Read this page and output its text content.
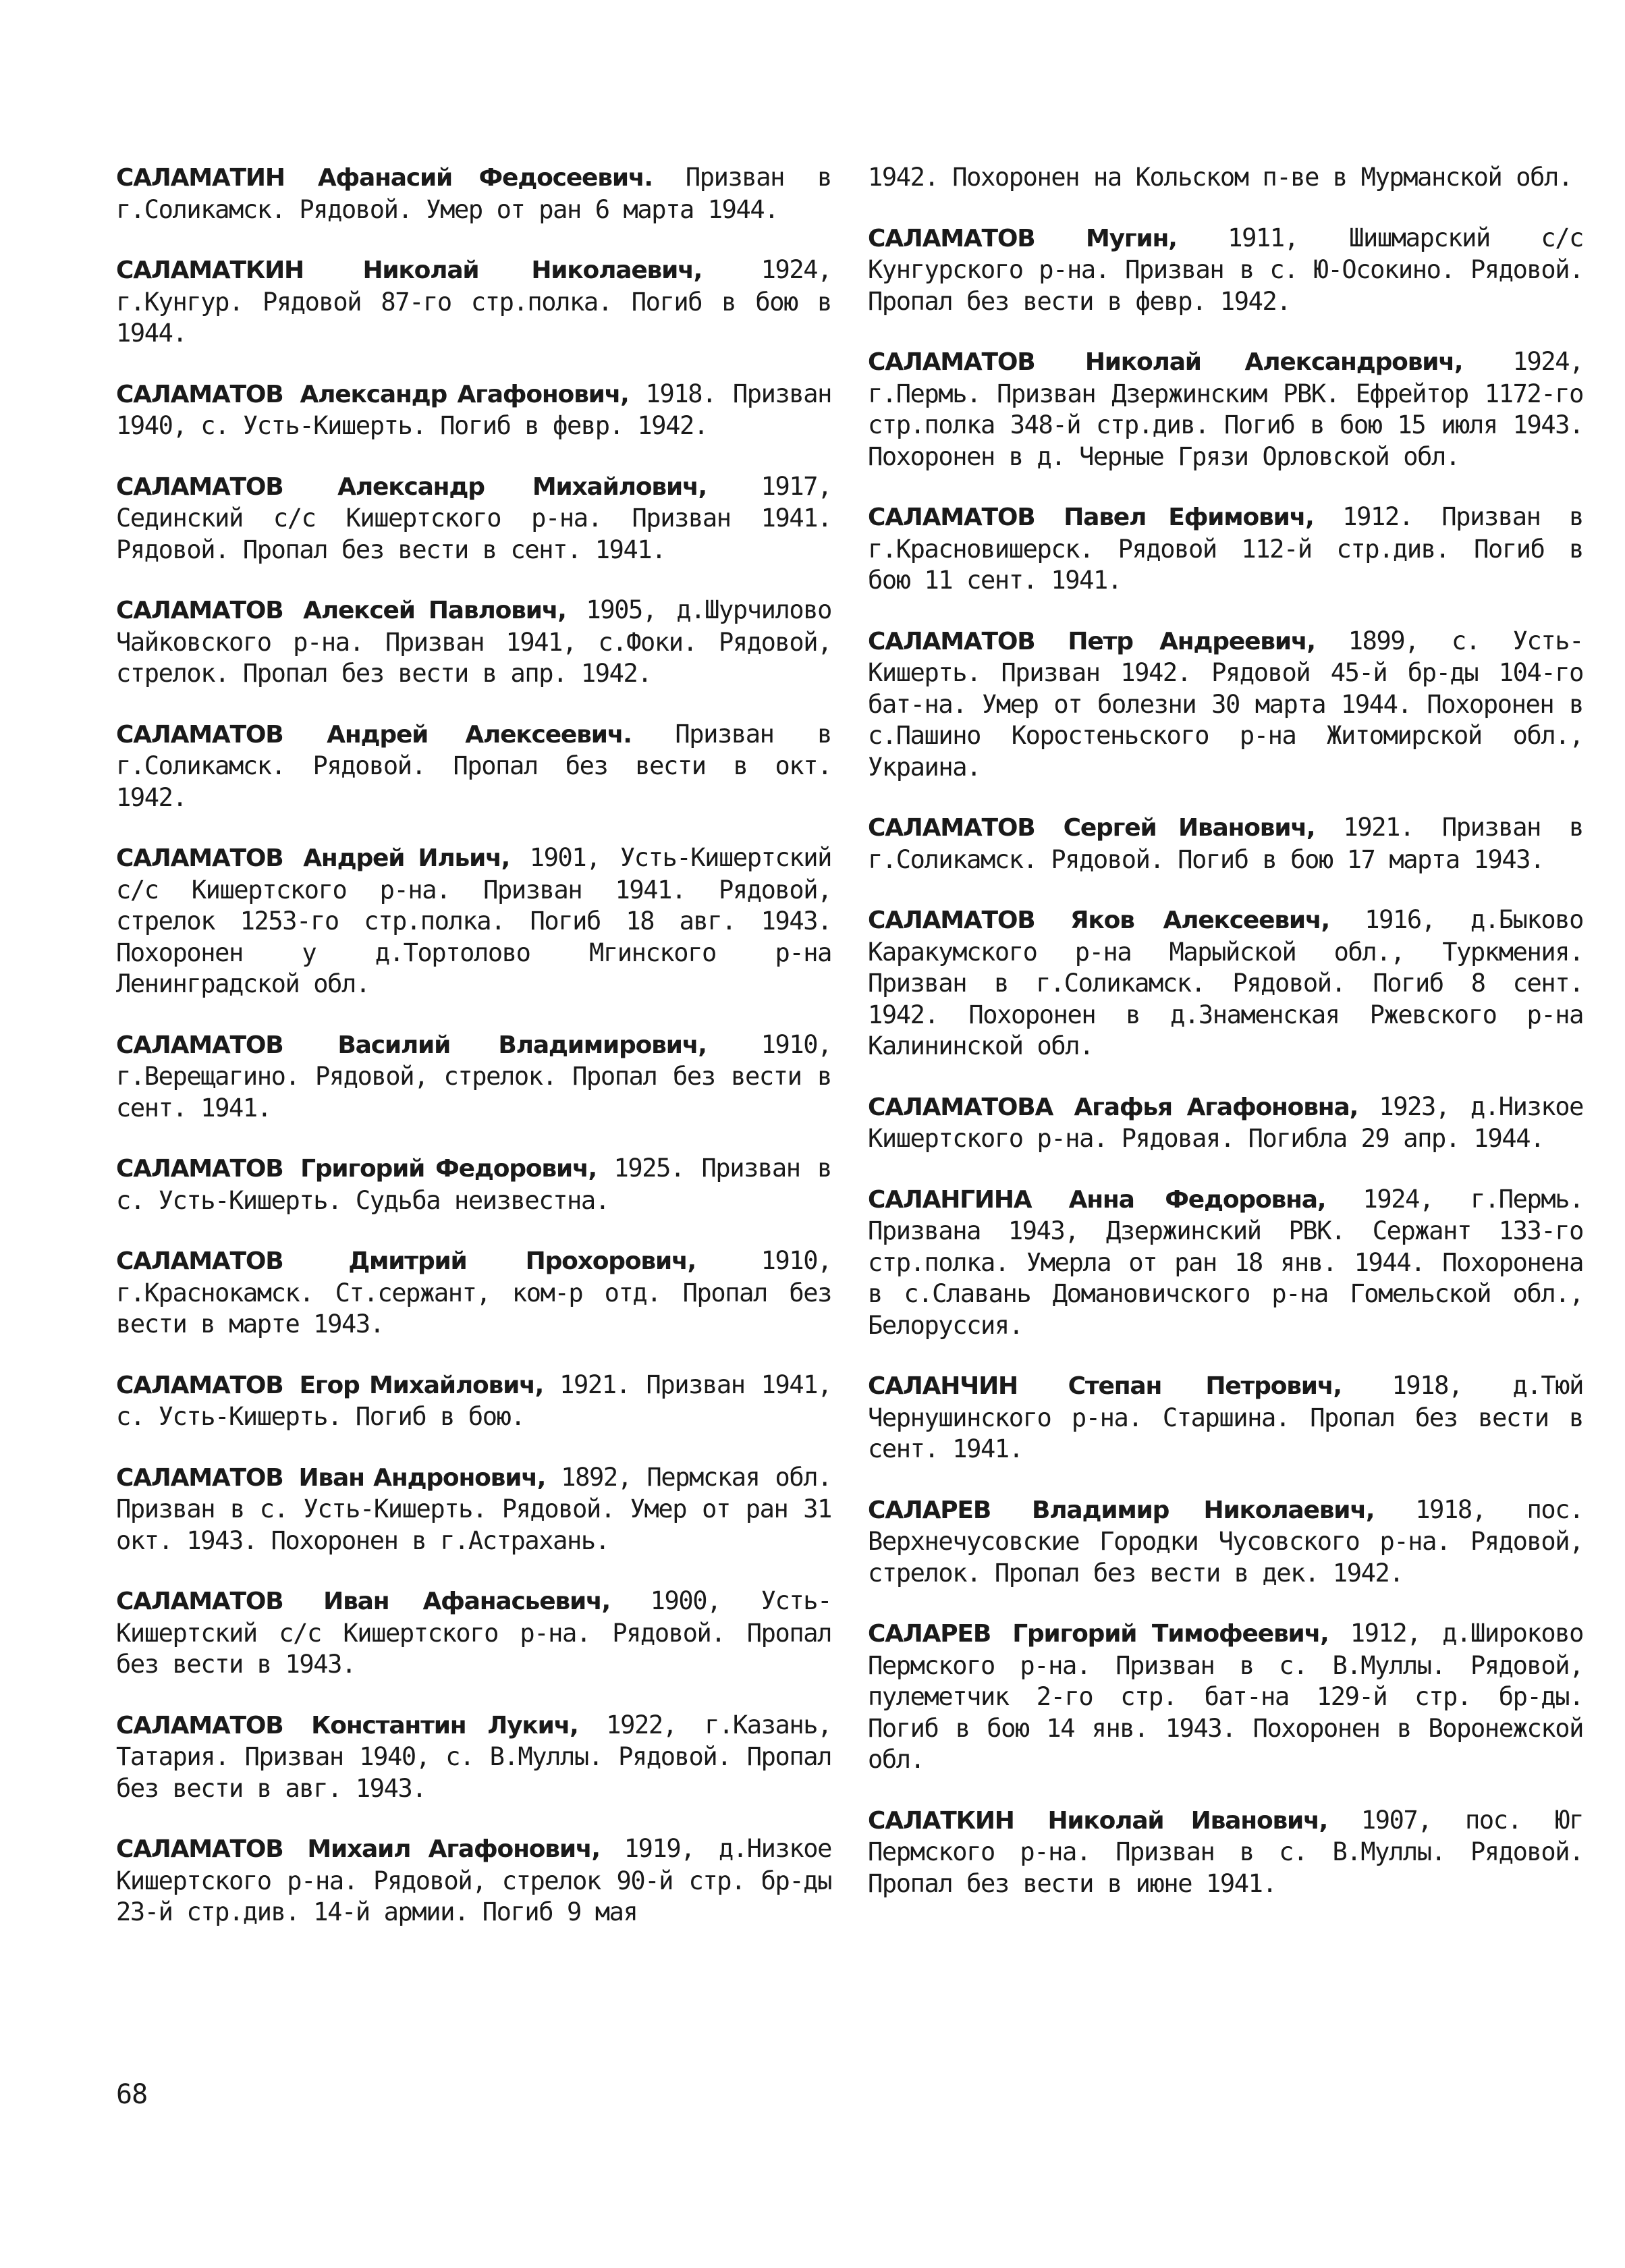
САЛАМАТИН Афанасий Федосеевич. Призван в г.Соликамск. Рядовой. Умер от ран 6 марта 1944.

САЛАМАТКИН Николай Николаевич, 1924, г.Кунгур. Рядовой 87-го стр.полка. Погиб в бою в 1944.

САЛАМАТОВ Александр Агафонович, 1918. Призван 1940, с. Усть-Кишерть. Погиб в февр. 1942.

САЛАМАТОВ Александр Михайлович, 1917, Сединский с/с Кишертского р-на. Призван 1941. Рядовой. Пропал без вести в сент. 1941.

САЛАМАТОВ Алексей Павлович, 1905, д.Шурчилово Чайковского р-на. Призван 1941, с.Фоки. Рядовой, стрелок. Пропал без вести в апр. 1942.

САЛАМАТОВ Андрей Алексеевич. Призван в г.Соликамск. Рядовой. Пропал без вести в окт. 1942.

САЛАМАТОВ Андрей Ильич, 1901, Усть-Кишертский с/с Кишертского р-на. Призван 1941. Рядовой, стрелок 1253-го стр.полка. Погиб 18 авг. 1943. Похоронен у д.Тортолово Мгинского р-на Ленинградской обл.

САЛАМАТОВ Василий Владимирович, 1910, г.Верещагино. Рядовой, стрелок. Пропал без вести в сент. 1941.

САЛАМАТОВ Григорий Федорович, 1925. Призван в с. Усть-Кишерть. Судьба неизвестна.

САЛАМАТОВ	Дмитрий Прохорович, 1910, г.Краснокамск. Ст.сержант, ком-р отд. Пропал без вести в марте 1943.

САЛАМАТОВ Егор Михайлович, 1921. Призван 1941, с. Усть-Кишерть. Погиб в бою.

САЛАМАТОВ Иван Андронович, 1892, Пермская обл. Призван в с. Усть-Кишерть. Рядовой. Умер от ран 31 окт. 1943. Похоронен в г.Астрахань.

САЛАМАТОВ Иван Афанасьевич, 1900, Усть-Кишертский с/с Кишертского р-на. Рядовой. Пропал без вести в 1943.

САЛАМАТОВ Константин Лукич, 1922, г.Казань, Татария. Призван 1940, с. В.Муллы. Рядовой. Пропал без вести в авг. 1943.

САЛАМАТОВ Михаил Агафонович, 1919, д.Низкое Кишертского р-на. Рядовой, стрелок 90-й стр. бр-ды 23-й стр.див. 14-й армии. Погиб 9 мая

1942. Похоронен на Кольском п-ве в Мурманской обл.

САЛАМАТОВ Мугин, 1911, Шишмарский с/с Кунгурского р-на. Призван в с. Ю-Осокино. Рядовой. Пропал без вести в февр. 1942.

САЛАМАТОВ Николай Александрович, 1924, г.Пермь. Призван Дзержинским РВК. Ефрейтор 1172-го стр.полка 348-й стр.див. Погиб в бою 15 июля 1943. Похоронен в д. Черные Грязи Орловской обл.

САЛАМАТОВ Павел Ефимович, 1912. Призван в г.Красновишерск. Рядовой 112-й стр.див. Погиб в бою 11 сент. 1941.

САЛАМАТОВ Петр Андреевич, 1899, с. Усть-Кишерть. Призван 1942. Рядовой 45-й бр-ды 104-го бат-на. Умер от болезни 30 марта 1944. Похоронен в с.Пашино Коростеньского р-на Житомирской обл., Украина.

САЛАМАТОВ Сергей Иванович, 1921. Призван в г.Соликамск. Рядовой. Погиб в бою 17 марта 1943.

САЛАМАТОВ Яков Алексеевич, 1916, д.Быково Каракумского р-на Марыйской обл., Туркмения. Призван в г.Соликамск. Рядовой. Погиб 8 сент. 1942. Похоронен в д.Знаменская Ржевского р-на Калининской обл.

САЛАМАТОВА Агафья Агафоновна, 1923, д.Низкое Кишертского р-на. Рядовая. Погибла 29 апр. 1944.

САЛАНГИНА Анна Федоровна, 1924, г.Пермь. Призвана 1943, Дзержинский РВК. Сержант 133-го стр.полка. Умерла от ран 18 янв. 1944. Похоронена в с.Славань Домановичского р-на Гомельской обл., Белоруссия.

САЛАНЧИН Степан Петрович, 1918, д.Тюй Чернушинского р-на. Старшина. Пропал без вести в сент. 1941.

САЛАРЕВ Владимир Николаевич, 1918, пос. Верхнечусовские Городки Чусовского р-на. Рядовой, стрелок. Пропал без вести в дек. 1942.

САЛАРЕВ Григорий Тимофеевич, 1912, д.Широково Пермского р-на. Призван в с. В.Муллы. Рядовой, пулеметчик 2-го стр. бат-на 129-й стр. бр-ды. Погиб в бою 14 янв. 1943. Похоронен в Воронежской обл.

САЛАТКИН Николай Иванович, 1907, пос. Юг Пермского р-на. Призван в с. В.Муллы. Рядовой. Пропал без вести в июне 1941.

68
